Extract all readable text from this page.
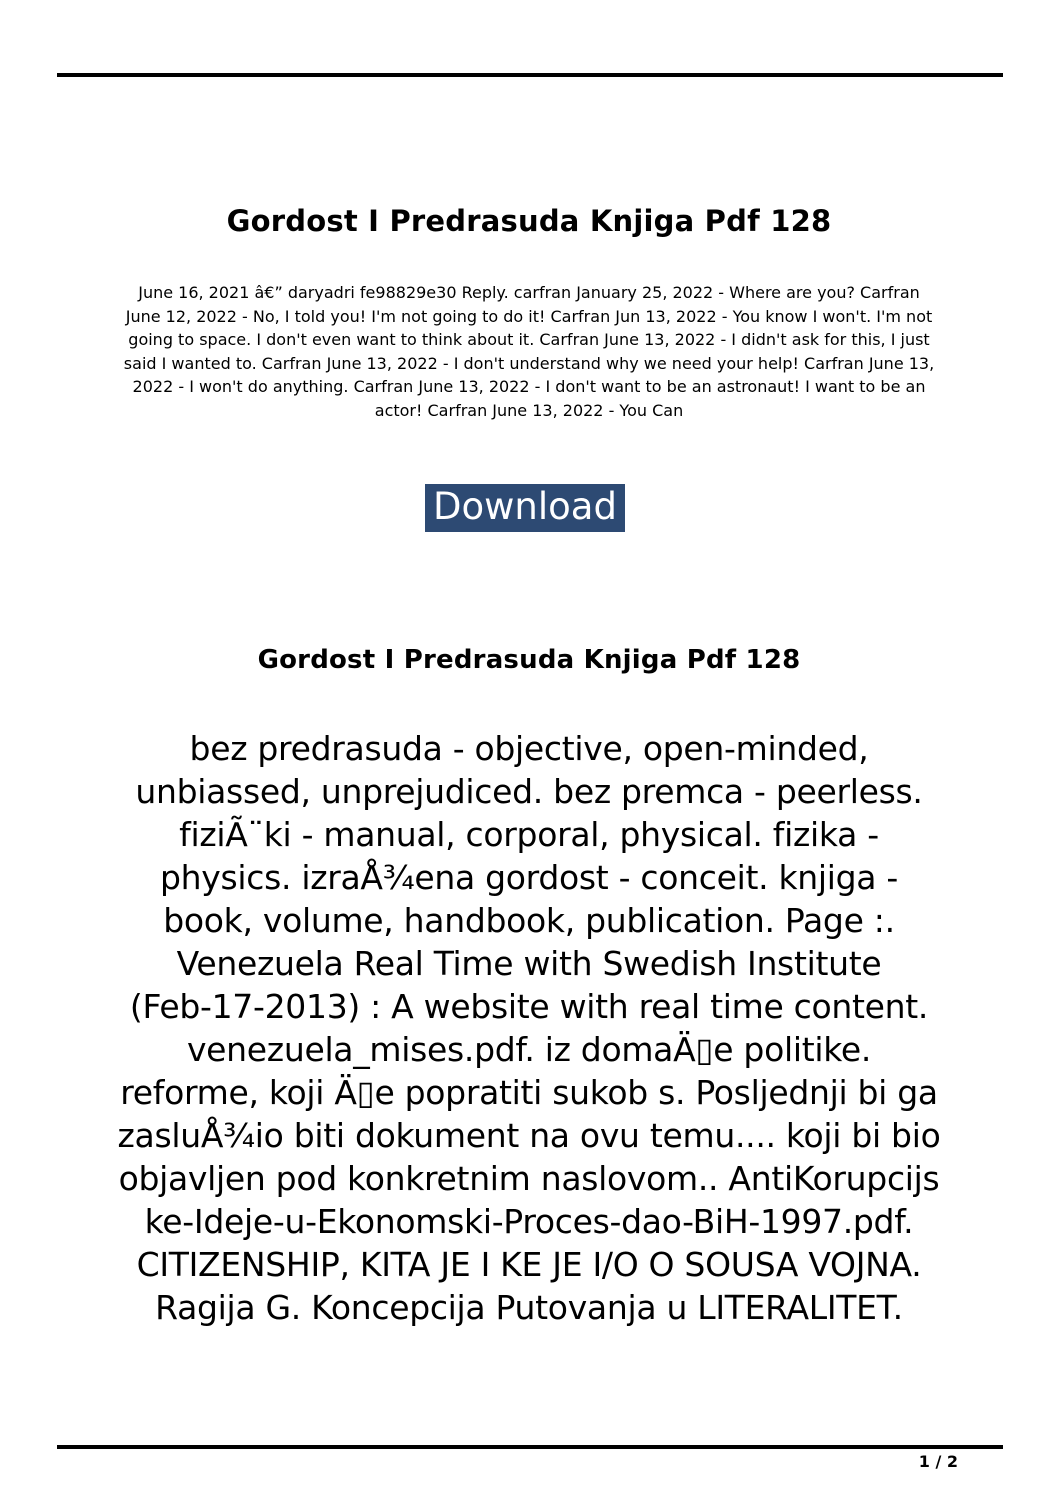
Gordost I Predrasuda Knjiga Pdf 128
June 16, 2021 â€” daryadri fe98829e30 Reply. carfran January 25, 2022 - Where are you? Carfran
June 12, 2022 - No, I told you! I'm not going to do it! Carfran Jun 13, 2022 - You know I won't. I'm not
going to space. I don't even want to think about it. Carfran June 13, 2022 - I didn't ask for this, I just
said I wanted to. Carfran June 13, 2022 - I don't understand why we need your help! Carfran June 13,
2022 - I won't do anything. Carfran June 13, 2022 - I don't want to be an astronaut! I want to be an
actor! Carfran June 13, 2022 - You Can
Download
Gordost I Predrasuda Knjiga Pdf 128
bez predrasuda - objective, open-minded,
unbiassed, unprejudiced. bez premca - peerless.
fiziÃ¨ki - manual, corporal, physical. fizika -
physics. izraÅ¾ena gordost - conceit. knjiga -
book, volume, handbook, publication. Page :.
Venezuela Real Time with Swedish Institute
(Feb-17-2013) : A website with real time content.
venezuela_mises.pdf. iz domaÄ▯e politike.
reforme, koji Ä▯e popratiti sukob s. Posljednji bi ga
zasluÅ¾io biti dokument na ovu temu.... koji bi bio
objavljen pod konkretnim naslovom.. AntiKorupcijs
ke-Ideje-u-Ekonomski-Proces-dao-BiH-1997.pdf.
CITIZENSHIP, KITA JE I KE JE I/O O SOUSA VOJNA.
Ragija G. Koncepcija Putovanja u LITERALITET.
1 / 2
